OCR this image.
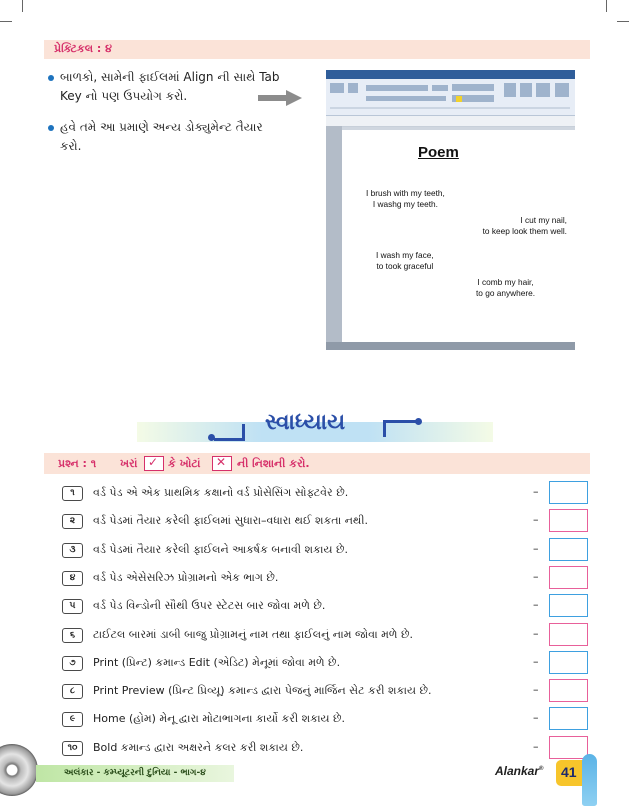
પ્રેક્ટિકલ : ૪
બાળકો, સામેની ફાઈલમાં Align ની સાથે Tab Key નો પણ ઉપયોગ કરો.
હવે તમે આ પ્રમાણે અન્ય ડોક્યુમેન્ટ તૈયાર કરો.	Poem
I brush with my teeth,
I washg my teeth.
I cut my nail,
to keep look them well.
I wash my face,
to took graceful
I comb my hair,
to go anywhere.
સ્વાધ્યાય
પ્રશ્ન : ૧ ખરાં ✓ કે ખોટાં ✕ ની નિશાની કરો.
૧	વર્ડ પેડ એ એક પ્રાથમિક કક્ષાનો વર્ડ પ્રોસેસિંગ સોફ્ટવેર છે.	–
૨	વર્ડ પેડમાં તૈયાર કરેલી ફાઈલમાં સુધારા–વધારા થઈ શકતા નથી.	–
૩	વર્ડ પેડમાં તૈયાર કરેલી ફાઈલને આકર્ષક બનાવી શકાય છે.	–
૪	વર્ડ પેડ એસેસરિઝ પ્રોગ્રામનો એક ભાગ છે.	–
૫	વર્ડ પેડ વિન્ડોની સૌથી ઉપર સ્ટેટસ બાર જોવા મળે છે.	–
૬	ટાઈટલ બારમાં ડાબી બાજુ પ્રોગ્રામનું નામ તથા ફાઈલનું નામ જોવા મળે છે.	–
૭	Print (પ્રિન્ટ) કમાન્ડ Edit (એડિટ) મેનૂમાં જોવા મળે છે.	–
૮	Print Preview (પ્રિન્ટ પ્રિવ્યૂ) કમાન્ડ દ્વારા પેજનું માર્જિન સેટ કરી શકાય છે.	–
૯	Home (હોમ) મેનૂ દ્વારા મોટાભાગના કાર્યો કરી શકાય છે.	–
૧૦	Bold કમાન્ડ દ્વારા અક્ષરને કલર કરી શકાય છે.	–
અલંકાર - કમ્પ્યૂટરની દુનિયા - ભાગ-૪	Alankar® 41
